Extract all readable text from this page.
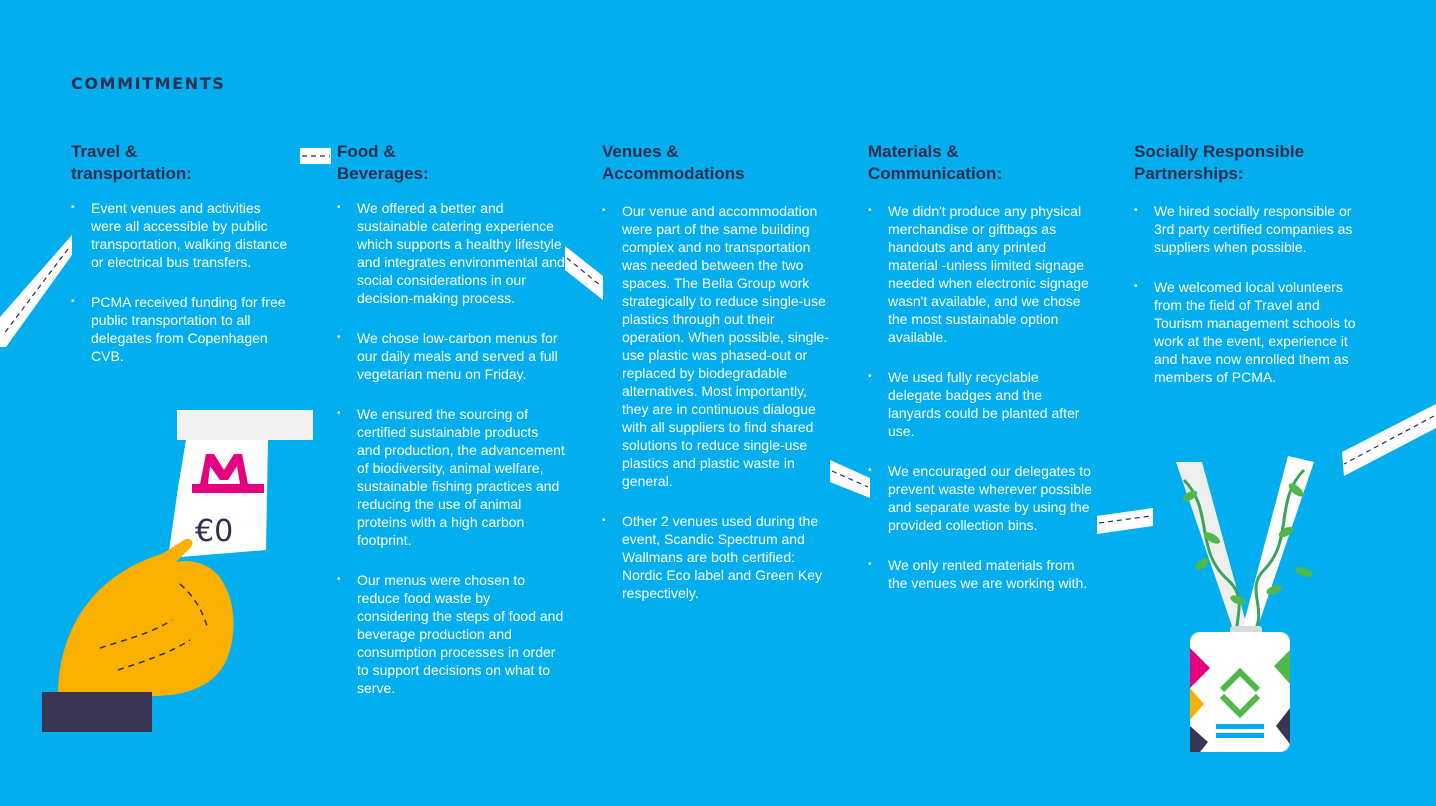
COMMITMENTS
Travel &
transportation:
• Event venues and activities were all accessible by public transportation, walking distance or electrical bus transfers.
• PCMA received funding for free public transportation to all delegates from Copenhagen CVB.
Food &
Beverages:
• We offered a better and sustainable catering experience which supports a healthy lifestyle and integrates environmental and social considerations in our decision-making process.
• We chose low-carbon menus for our daily meals and served a full vegetarian menu on Friday.
• We ensured the sourcing of certified sustainable products and production, the advancement of biodiversity, animal welfare, sustainable fishing practices and reducing the use of animal proteins with a high carbon footprint.
• Our menus were chosen to reduce food waste by considering the steps of food and beverage production and consumption processes in order to support decisions on what to serve.
Venues &
Accommodations
• Our venue and accommodation were part of the same building complex and no transportation was needed between the two spaces. The Bella Group work strategically to reduce single-use plastics through out their operation. When possible, single-use plastic was phased-out or replaced by biodegradable alternatives. Most importantly, they are in continuous dialogue with all suppliers to find shared solutions to reduce single-use plastics and plastic waste in general.
• Other 2 venues used during the event, Scandic Spectrum and Wallmans are both certified: Nordic Eco label and Green Key respectively.
Materials &
Communication:
• We didn't produce any physical merchandise or giftbags as handouts and any printed material -unless limited signage needed when electronic signage wasn't available, and we chose the most sustainable option available.
• We used fully recyclable delegate badges and the lanyards could be planted after use.
• We encouraged our delegates to prevent waste wherever possible and separate waste by using the provided collection bins.
• We only rented materials from the venues we are working with.
Socially Responsible
Partnerships:
• We hired socially responsible or 3rd party certified companies as suppliers when possible.
• We welcomed local volunteers from the field of Travel and Tourism management schools to work at the event, experience it and have now enrolled them as members of PCMA.
€0
